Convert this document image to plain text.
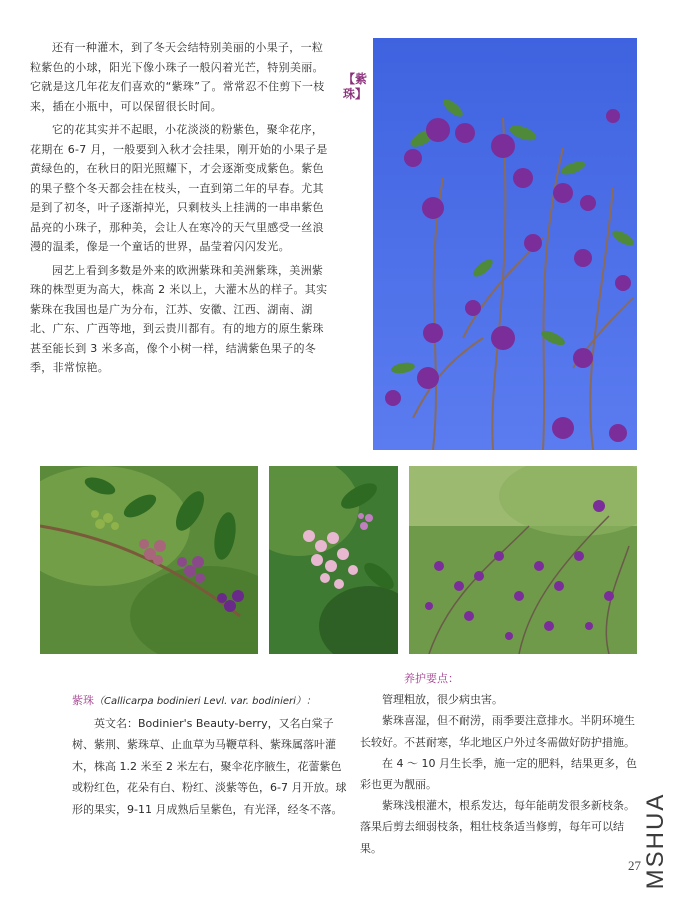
还有一种灌木，到了冬天会结特别美丽的小果子，一粒粒紫色的小球，阳光下像小珠子一般闪着光芒，特别美丽。它就是这几年花友们喜欢的“紫珠”了。常常忍不住剪下一枝来，插在小瓶中，可以保留很长时间。

它的花其实并不起眼，小花淡淡的粉紫色，聚伞花序，花期在 6-7 月，一般要到入秋才会挂果，刚开始的小果子是黄绿色的，在秋日的阳光照耀下，才会逐渐变成紫色。紫色的果子整个冬天都会挂在枝头，一直到第二年的早春。尤其是到了初冬，叶子逐渐掉光，只剩枝头上挂满的一串串紫色晶亮的小珠子，那种美，会让人在寒冷的天气里感受一丝浪漫的温柔，像是一个童话的世界，晶莹着闪闪发光。

园艺上看到多数是外来的欧洲紫珠和美洲紫珠，美洲紫珠的株型更为高大，株高 2 米以上，大灌木丛的样子。其实紫珠在我国也是广为分布，江苏、安徽、江西、湖南、湖北、广东、广西等地，到云贵川都有。有的地方的原生紫珠甚至能长到 3 米多高，像个小树一样，结满紫色果子的冬季，非常惊艳。

【紫珠】

紫珠（Callicarpa bodinieri Levl. var. bodinieri）：

英文名：Bodinier's Beauty-berry，又名白棠子树、紫荆、紫珠草、止血草为马鞭草科、紫珠属落叶灌木，株高 1.2 米至 2 米左右，聚伞花序腋生，花蕾紫色或粉红色，花朵有白、粉红、淡紫等色，6-7 月开放。球形的果实，9-11 月成熟后呈紫色，有光泽，经冬不落。

养护要点：

管理粗放，很少病虫害。

紫珠喜湿，但不耐涝，雨季要注意排水。半阴环境生长较好。不甚耐寒，华北地区户外过冬需做好防护措施。

在 4 ～ 10 月生长季，施一定的肥料，结果更多，色彩也更为靓丽。

紫珠浅根灌木，根系发达，每年能萌发很多新枝条。落果后剪去细弱枝条，粗壮枝条适当修剪，每年可以结果。

27 MSHUA
